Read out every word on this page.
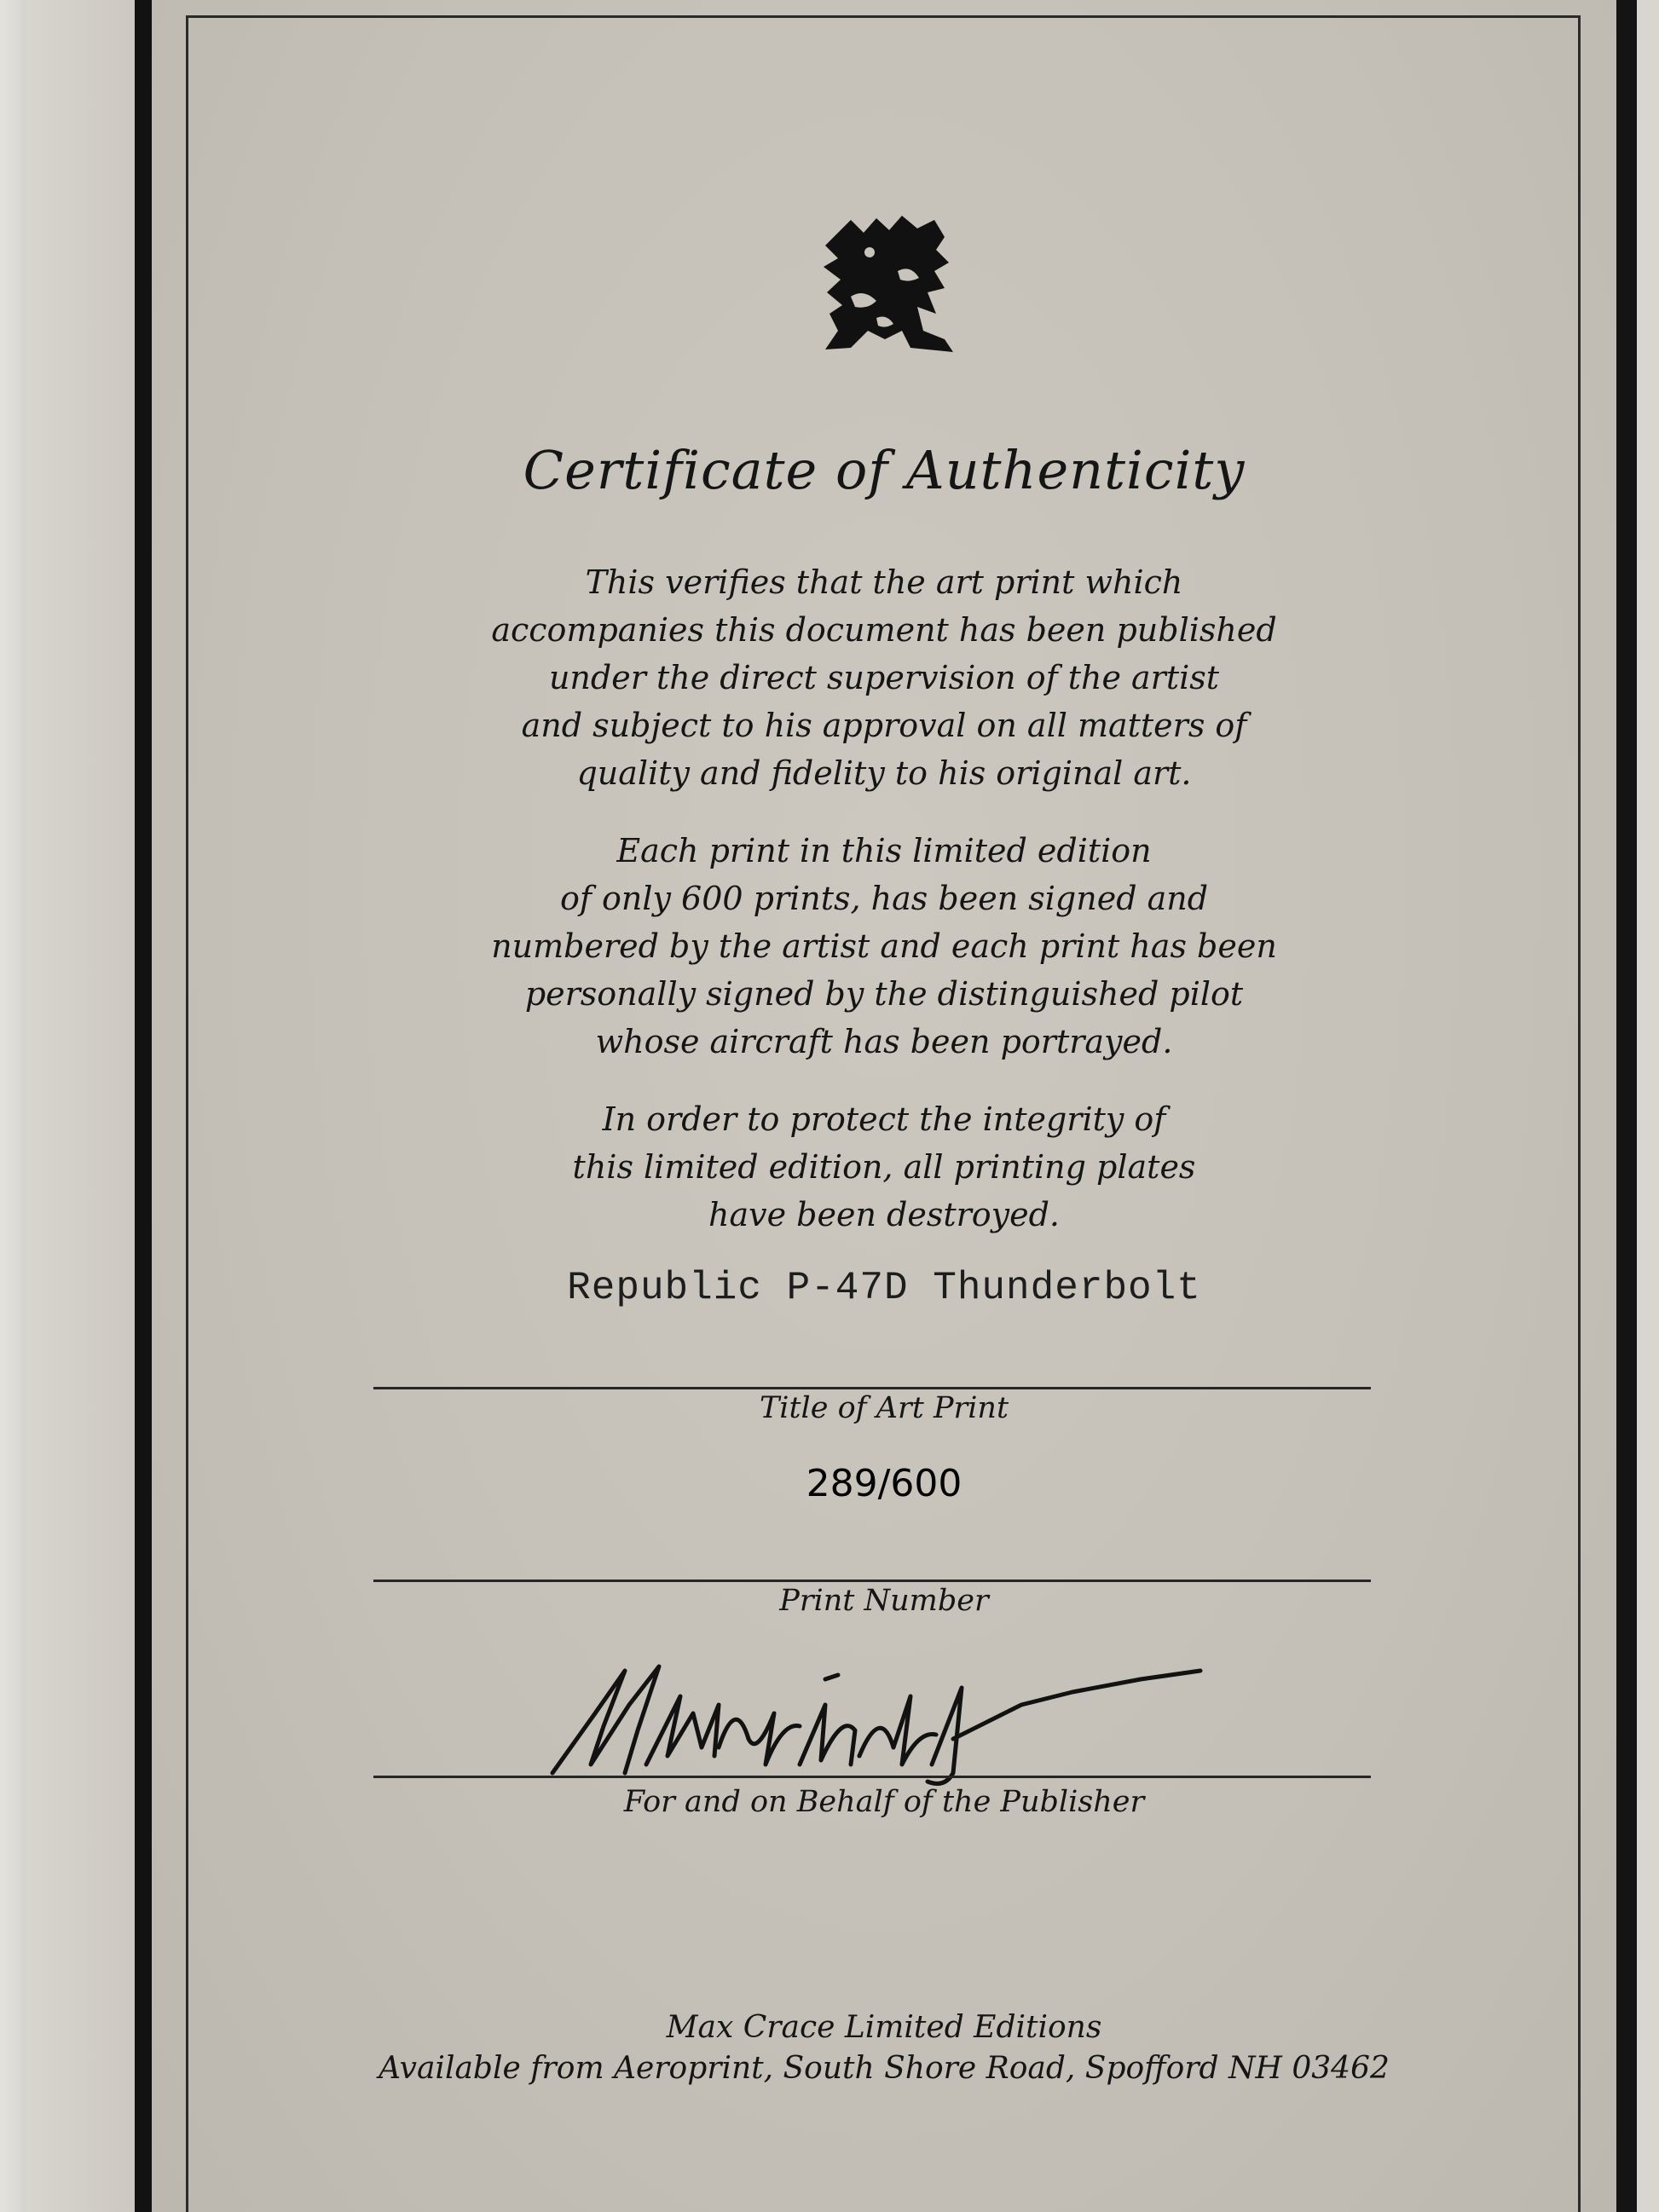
Certificate of Authenticity
This verifies that the art print which
accompanies this document has been published
under the direct supervision of the artist
and subject to his approval on all matters of
quality and fidelity to his original art.
Each print in this limited edition
of only 600 prints, has been signed and
numbered by the artist and each print has been
personally signed by the distinguished pilot
whose aircraft has been portrayed.
In order to protect the integrity of
this limited edition, all printing plates
have been destroyed.
Republic P-47D Thunderbolt
Title of Art Print
289/600
Print Number
For and on Behalf of the Publisher
Max Crace Limited Editions
Available from Aeroprint, South Shore Road, Spofford NH 03462
